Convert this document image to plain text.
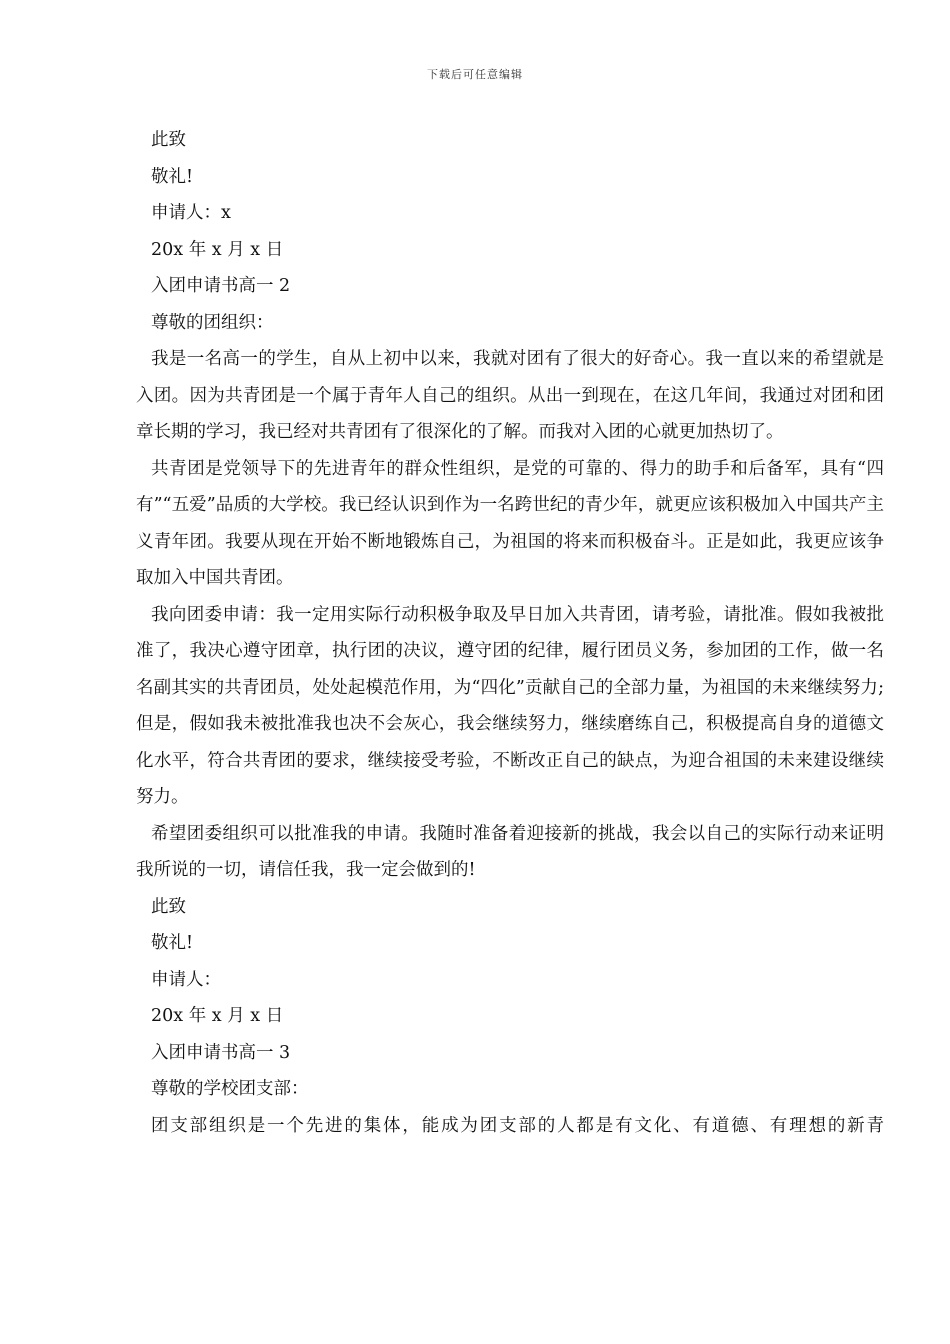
下载后可任意编辑
此致
敬礼!
申请人：x
20x 年 x 月 x 日
入团申请书高一 2
尊敬的团组织：
我是一名高一的学生，自从上初中以来，我就对团有了很大的好奇心。我一直以来的希望就是入团。因为共青团是一个属于青年人自己的组织。从出一到现在，在这几年间，我通过对团和团章长期的学习，我已经对共青团有了很深化的了解。而我对入团的心就更加热切了。
共青团是党领导下的先进青年的群众性组织，是党的可靠的、得力的助手和后备军，具有“四有”“五爱”品质的大学校。我已经认识到作为一名跨世纪的青少年，就更应该积极加入中国共产主义青年团。我要从现在开始不断地锻炼自己，为祖国的将来而积极奋斗。正是如此，我更应该争取加入中国共青团。
我向团委申请：我一定用实际行动积极争取及早日加入共青团，请考验，请批准。假如我被批准了，我决心遵守团章，执行团的决议，遵守团的纪律，履行团员义务，参加团的工作，做一名名副其实的共青团员，处处起模范作用，为“四化”贡献自己的全部力量，为祖国的未来继续努力;但是，假如我未被批准我也决不会灰心，我会继续努力，继续磨练自己，积极提高自身的道德文化水平，符合共青团的要求，继续接受考验，不断改正自己的缺点，为迎合祖国的未来建设继续努力。
希望团委组织可以批准我的申请。我随时准备着迎接新的挑战，我会以自己的实际行动来证明我所说的一切，请信任我，我一定会做到的!
此致
敬礼!
申请人：
20x 年 x 月 x 日
入团申请书高一 3
尊敬的学校团支部：
团支部组织是一个先进的集体，能成为团支部的人都是有文化、有道德、有理想的新青
